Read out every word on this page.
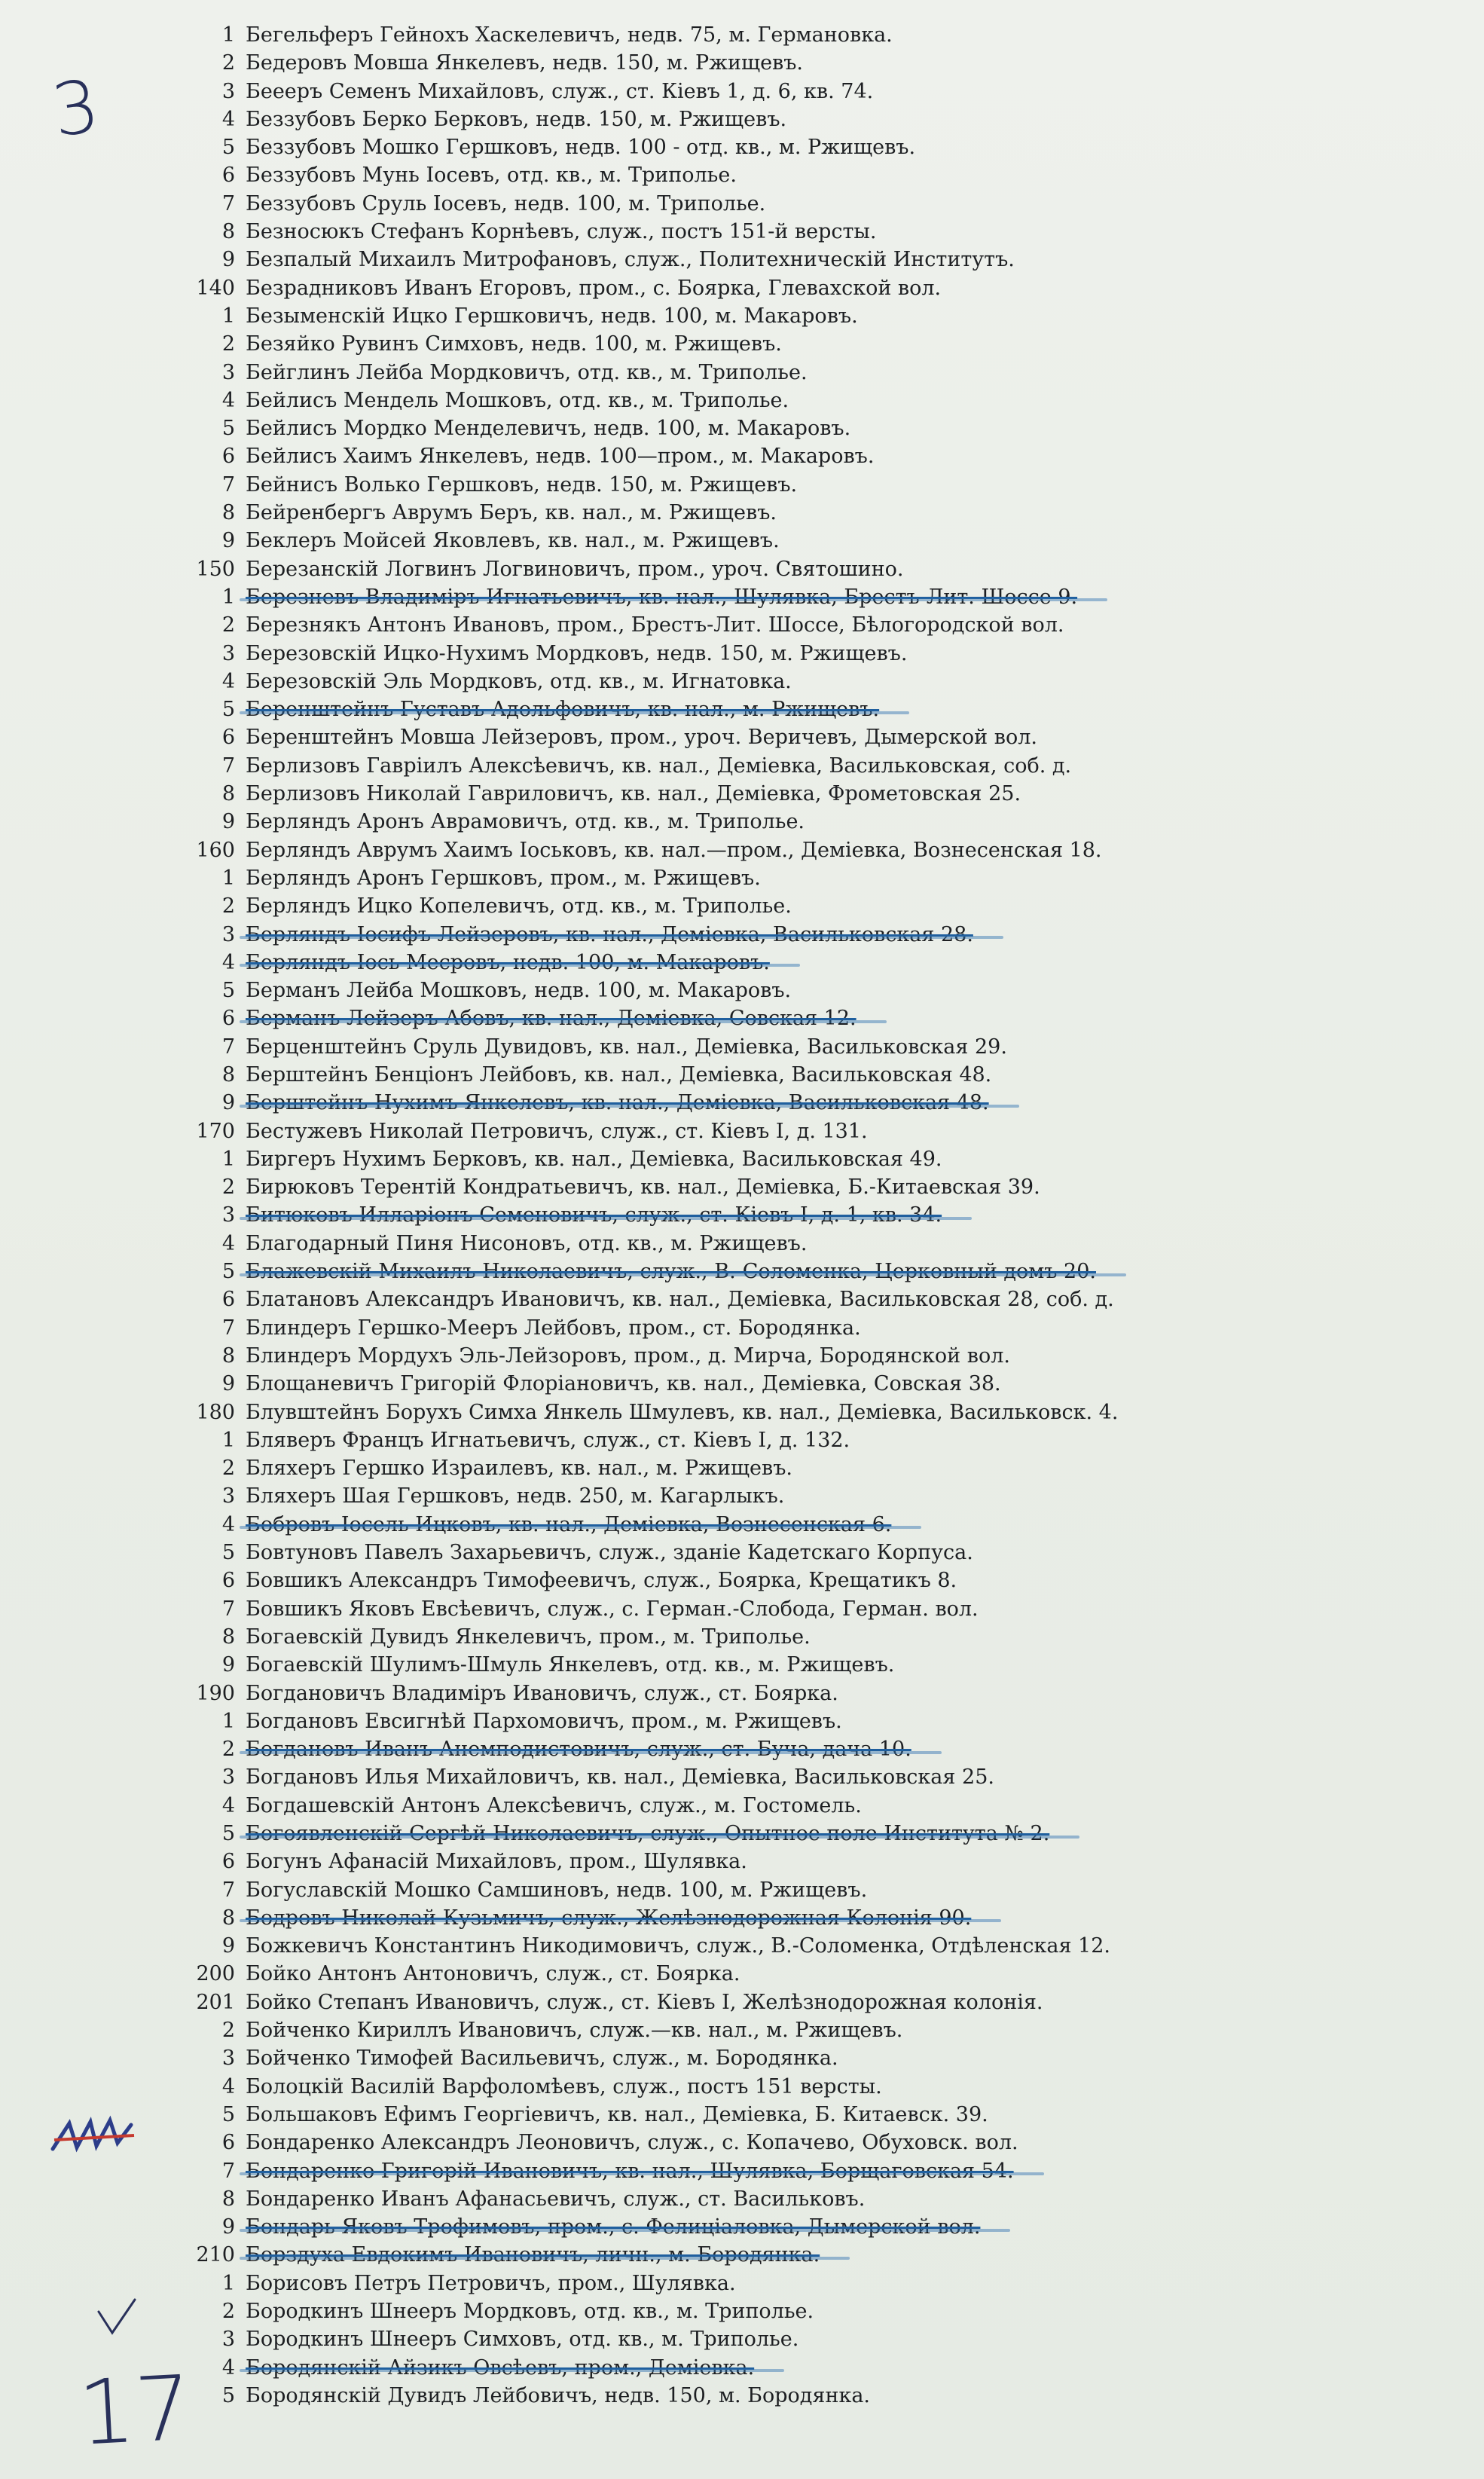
3
17
1 Бегельферъ Гейнохъ Хаскелевичъ, недв. 75, м. Германовка.
2 Бедеровъ Мовша Янкелевъ, недв. 150, м. Ржищевъ.
3 Беееръ Семенъ Михайловъ, служ., ст. Кіевъ 1, д. 6, кв. 74.
4 Беззубовъ Берко Берковъ, недв. 150, м. Ржищевъ.
5 Беззубовъ Мошко Гершковъ, недв. 100 - отд. кв., м. Ржищевъ.
6 Беззубовъ Мунь Іосевъ, отд. кв., м. Триполье.
7 Беззубовъ Сруль Іосевъ, недв. 100, м. Триполье.
8 Безносюкъ Стефанъ Корнѣевъ, служ., постъ 151-й версты.
9 Безпалый Михаилъ Митрофановъ, служ., Политехническій Институтъ.
140 Безрадниковъ Иванъ Егоровъ, пром., с. Боярка, Глевахской вол.
1 Безыменскій Ицко Гершковичъ, недв. 100, м. Макаровъ.
2 Безяйко Рувинъ Симховъ, недв. 100, м. Ржищевъ.
3 Бейглинъ Лейба Мордковичъ, отд. кв., м. Триполье.
4 Бейлисъ Мендель Мошковъ, отд. кв., м. Триполье.
5 Бейлисъ Мордко Менделевичъ, недв. 100, м. Макаровъ.
6 Бейлисъ Хаимъ Янкелевъ, недв. 100—пром., м. Макаровъ.
7 Бейнисъ Волько Гершковъ, недв. 150, м. Ржищевъ.
8 Бейренбергъ Аврумъ Беръ, кв. нал., м. Ржищевъ.
9 Беклеръ Мойсей Яковлевъ, кв. нал., м. Ржищевъ.
150 Березанскій Логвинъ Логвиновичъ, пром., уроч. Святошино.
1 Березневъ Владиміръ Игнатьевичъ, кв. нал., Шулявка, Брестъ-Лит. Шоссе 9.
2 Березнякъ Антонъ Ивановъ, пром., Брестъ-Лит. Шоссе, Бѣлогородской вол.
3 Березовскій Ицко-Нухимъ Мордковъ, недв. 150, м. Ржищевъ.
4 Березовскій Эль Мордковъ, отд. кв., м. Игнатовка.
5 Беренштейнъ Густавъ Адольфовичъ, кв. нал., м. Ржищевъ.
6 Беренштейнъ Мовша Лейзеровъ, пром., уроч. Веричевъ, Дымерской вол.
7 Берлизовъ Гавріилъ Алексѣевичъ, кв. нал., Деміевка, Васильковская, соб. д.
8 Берлизовъ Николай Гавриловичъ, кв. нал., Деміевка, Фрометовская 25.
9 Берляндъ Аронъ Аврамовичъ, отд. кв., м. Триполье.
160 Берляндъ Аврумъ Хаимъ Іоськовъ, кв. нал.—пром., Деміевка, Вознесенская 18.
1 Берляндъ Аронъ Гершковъ, пром., м. Ржищевъ.
2 Берляндъ Ицко Копелевичъ, отд. кв., м. Триполье.
3 Берляндъ Іосифъ Лейзеровъ, кв. нал., Деміевка, Васильковская 28.
4 Берляндъ Іось Меєровъ, недв. 100, м. Макаровъ.
5 Берманъ Лейба Мошковъ, недв. 100, м. Макаровъ.
6 Берманъ Лейзеръ Абовъ, кв. нал., Деміевка, Совская 12.
7 Берценштейнъ Сруль Дувидовъ, кв. нал., Деміевка, Васильковская 29.
8 Берштейнъ Бенціонъ Лейбовъ, кв. нал., Деміевка, Васильковская 48.
9 Берштейнъ Нухимъ Янкелевъ, кв. нал., Деміевка, Васильковская 48.
170 Бестужевъ Николай Петровичъ, служ., ст. Кіевъ I, д. 131.
1 Биргеръ Нухимъ Берковъ, кв. нал., Деміевка, Васильковская 49.
2 Бирюковъ Терентій Кондратьевичъ, кв. нал., Деміевка, Б.-Китаевская 39.
3 Битюковъ Илларіонъ Семеновичъ, служ., ст. Кіевъ I, д. 1, кв. 34.
4 Благодарный Пиня Нисоновъ, отд. кв., м. Ржищевъ.
5 Блажевскій Михаилъ Николаевичъ, служ., В.-Соломенка, Церковный домъ 20.
6 Блатановъ Александръ Ивановичъ, кв. нал., Деміевка, Васильковская 28, соб. д.
7 Блиндеръ Гершко-Мееръ Лейбовъ, пром., ст. Бородянка.
8 Блиндеръ Мордухъ Эль-Лейзоровъ, пром., д. Мирча, Бородянской вол.
9 Блощаневичъ Григорій Флоріановичъ, кв. нал., Деміевка, Совская 38.
180 Блувштейнъ Борухъ Симха Янкель Шмулевъ, кв. нал., Деміевка, Васильковск. 4.
1 Бляверъ Францъ Игнатьевичъ, служ., ст. Кіевъ I, д. 132.
2 Бляхеръ Гершко Израилевъ, кв. нал., м. Ржищевъ.
3 Бляхеръ Шая Гершковъ, недв. 250, м. Кагарлыкъ.
4 Бобровъ Іосель Ицковъ, кв. нал., Деміевка, Вознесенская 6.
5 Бовтуновъ Павелъ Захарьевичъ, служ., зданіе Кадетскаго Корпуса.
6 Бовшикъ Александръ Тимофеевичъ, служ., Боярка, Крещатикъ 8.
7 Бовшикъ Яковъ Евсѣевичъ, служ., с. Герман.-Слобода, Герман. вол.
8 Богаевскій Дувидъ Янкелевичъ, пром., м. Триполье.
9 Богаевскій Шулимъ-Шмуль Янкелевъ, отд. кв., м. Ржищевъ.
190 Богдановичъ Владиміръ Ивановичъ, служ., ст. Боярка.
1 Богдановъ Евсигнѣй Пархомовичъ, пром., м. Ржищевъ.
2 Богдановъ Иванъ Анемподистовичъ, служ., ст. Буча, дача 10.
3 Богдановъ Илья Михайловичъ, кв. нал., Деміевка, Васильковская 25.
4 Богдашевскій Антонъ Алексѣевичъ, служ., м. Гостомель.
5 Богоявленскій Сергѣй Николаевичъ, служ., Опытное поле Института № 2.
6 Богунъ Афанасій Михайловъ, пром., Шулявка.
7 Богуславскій Мошко Самшиновъ, недв. 100, м. Ржищевъ.
8 Бодровъ Николай Кузьмичъ, служ., Желѣзнодорожная Колонія 90.
9 Божкевичъ Константинъ Никодимовичъ, служ., В.-Соломенка, Отдѣленская 12.
200 Бойко Антонъ Антоновичъ, служ., ст. Боярка.
201 Бойко Степанъ Ивановичъ, служ., ст. Кіевъ I, Желѣзнодорожная колонія.
2 Бойченко Кириллъ Ивановичъ, служ.—кв. нал., м. Ржищевъ.
3 Бойченко Тимофей Васильевичъ, служ., м. Бородянка.
4 Болоцкій Василій Варфоломѣевъ, служ., постъ 151 версты.
5 Большаковъ Ефимъ Георгіевичъ, кв. нал., Деміевка, Б. Китаевск. 39.
6 Бондаренко Александръ Леоновичъ, служ., с. Копачево, Обуховск. вол.
7 Бондаренко Григорій Ивановичъ, кв. нал., Шулявка, Борщаговская 54.
8 Бондаренко Иванъ Афанасьевичъ, служ., ст. Васильковъ.
9 Бондарь Яковъ Трофимовъ, пром., с. Фелиціаловка, Дымерской вол.
210 Борздуха Евдокимъ Ивановичъ, личн., м. Бородянка.
1 Борисовъ Петръ Петровичъ, пром., Шулявка.
2 Бородкинъ Шнееръ Мордковъ, отд. кв., м. Триполье.
3 Бородкинъ Шнееръ Симховъ, отд. кв., м. Триполье.
4 Бородянскій Айзикъ Овсѣевъ, пром., Деміевка.
5 Бородянскій Дувидъ Лейбовичъ, недв. 150, м. Бородянка.
